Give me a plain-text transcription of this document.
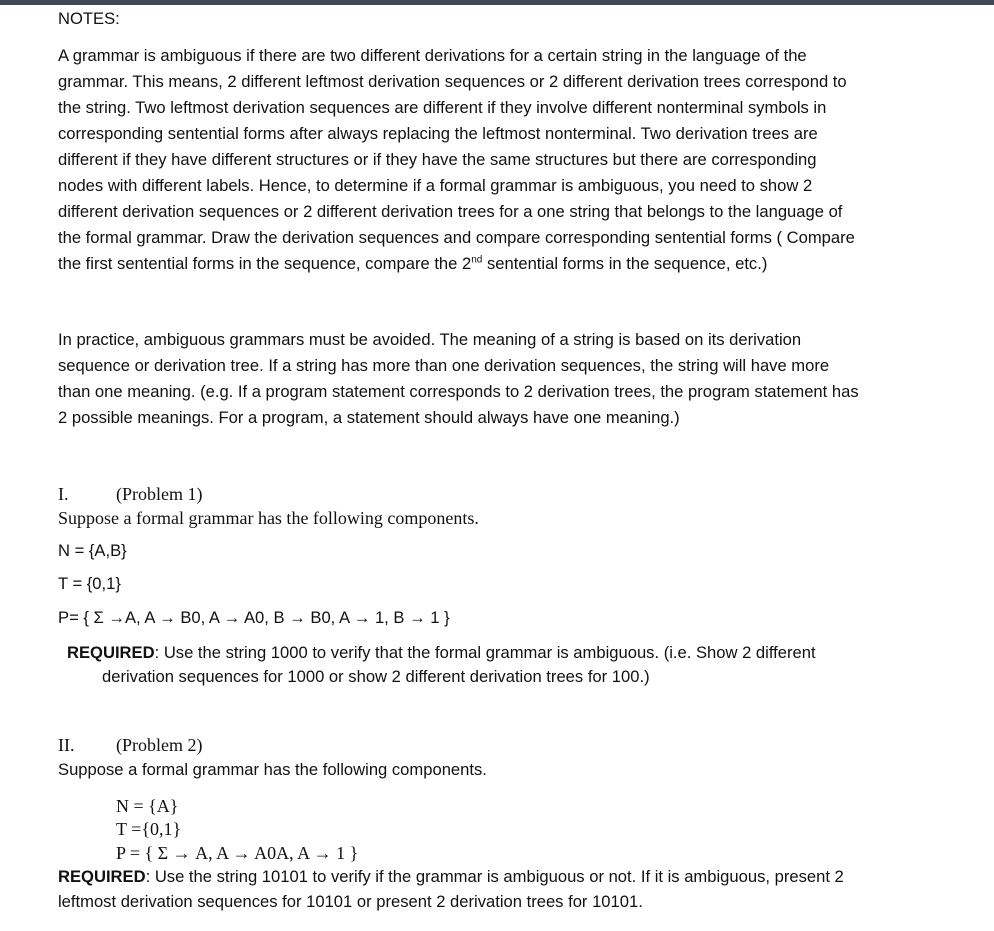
NOTES:
A grammar is ambiguous if there are two different derivations for a certain string in the language of the
grammar. This means, 2 different leftmost derivation sequences or 2 different derivation trees correspond to
the string. Two leftmost derivation sequences are different if they involve different nonterminal symbols in
corresponding sentential forms after always replacing the leftmost nonterminal. Two derivation trees are
different if they have different structures or if they have the same structures but there are corresponding
nodes with different labels. Hence, to determine if a formal grammar is ambiguous, you need to show 2
different derivation sequences or 2 different derivation trees for a one string that belongs to the language of
the formal grammar. Draw the derivation sequences and compare corresponding sentential forms ( Compare
the first sentential forms in the sequence, compare the 2nd sentential forms in the sequence, etc.)
In practice, ambiguous grammars must be avoided. The meaning of a string is based on its derivation
sequence or derivation tree. If a string has more than one derivation sequences, the string will have more
than one meaning. (e.g. If a program statement corresponds to 2 derivation trees, the program statement has
2 possible meanings. For a program, a statement should always have one meaning.)
I.	(Problem 1)
Suppose a formal grammar has the following components.
N = {A,B}
T = {0,1}
P= { Σ →A, A → B0, A → A0, B → B0, A → 1, B → 1 }
REQUIRED: Use the string 1000 to verify that the formal grammar is ambiguous. (i.e. Show 2 different
derivation sequences for 1000 or show 2 different derivation trees for 100.)
II. (Problem 2)
Suppose a formal grammar has the following components.
N = {A}
T ={0,1}
P = { Σ → A, A → A0A, A → 1 }
REQUIRED: Use the string 10101 to verify if the grammar is ambiguous or not. If it is ambiguous, present 2
leftmost derivation sequences for 10101 or present 2 derivation trees for 10101.
